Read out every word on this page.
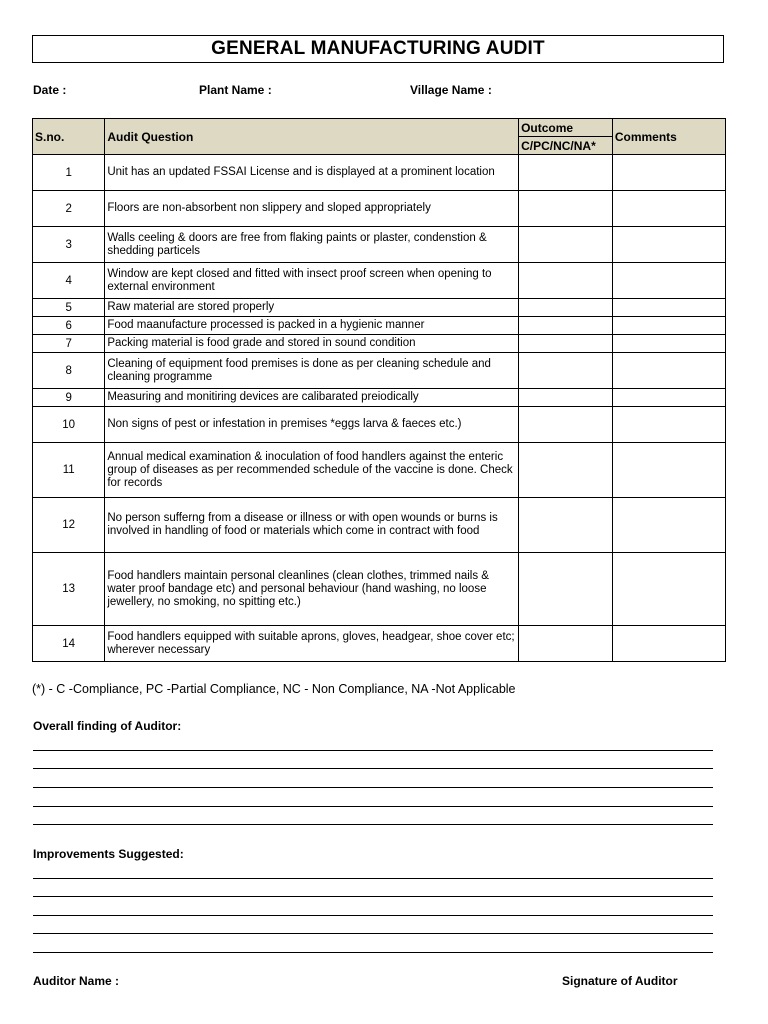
GENERAL MANUFACTURING AUDIT
Date :	Plant Name :	Village Name :
S.no.	Audit Question	Outcome	Comments
		C/PC/NC/NA*	
1	Unit has an updated FSSAI License and is displayed at a prominent location		
2	Floors are non-absorbent non slippery and sloped appropriately		
3	Walls ceeling & doors are free from flaking paints or plaster, condenstion & shedding particels		
4	Window are kept closed and fitted with insect proof screen when opening to external environment		
5	Raw material are stored properly		
6	Food maanufacture processed is packed in a hygienic manner		
7	Packing material is food grade and stored in sound condition		
8	Cleaning of equipment food premises is done as per cleaning schedule and cleaning programme		
9	Measuring and monitiring devices are calibarated preiodically		
10	Non signs of pest or infestation in premises *eggs larva & faeces etc.)		
11	Annual medical examination & inoculation of food handlers against the enteric group of diseases as per recommended schedule of the vaccine is done. Check for records		
12	No person sufferng from a disease or illness or with open wounds or burns is involved in handling of food or materials which come in contract with food		
13	Food handlers maintain personal cleanlines (clean clothes, trimmed nails & water proof bandage etc) and personal behaviour (hand washing, no loose jewellery, no smoking, no spitting etc.)		
14	Food handlers equipped with suitable aprons, gloves, headgear, shoe cover etc; wherever necessary		
(*) - C -Compliance, PC -Partial Compliance, NC - Non Compliance, NA -Not Applicable
Overall finding of Auditor:
Improvements Suggested:
Auditor Name :	Signature of Auditor
